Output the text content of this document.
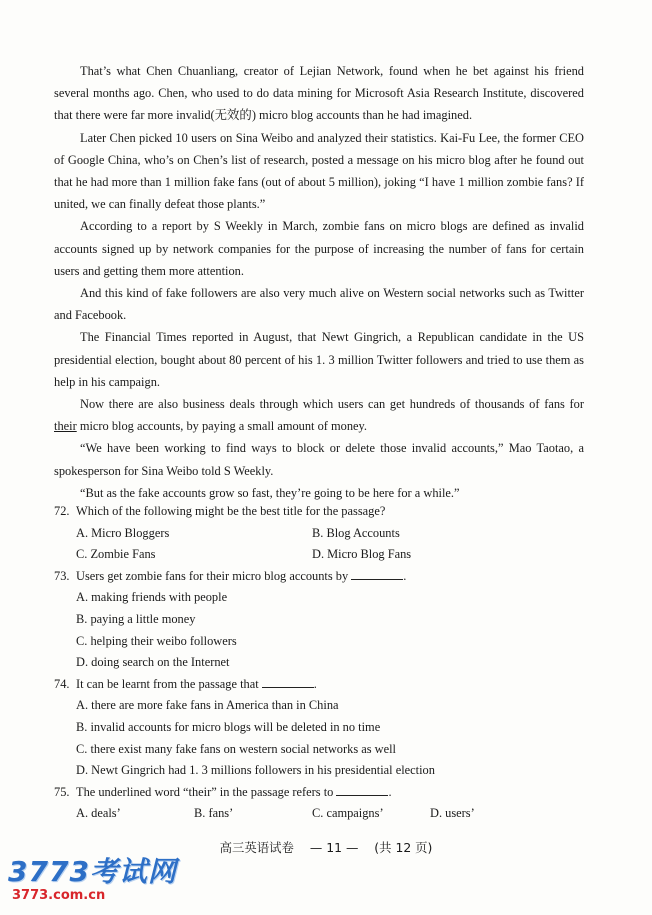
That’s what Chen Chuanliang, creator of Lejian Network, found when he bet against his friend several months ago. Chen, who used to do data mining for Microsoft Asia Research Institute, discovered that there were far more invalid(无效的) micro blog accounts than he had imagined.

Later Chen picked 10 users on Sina Weibo and analyzed their statistics. Kai-Fu Lee, the former CEO of Google China, who’s on Chen’s list of research, posted a message on his micro blog after he found out that he had more than 1 million fake fans (out of about 5 million), joking “I have 1 million zombie fans? If united, we can finally defeat those plants.”

According to a report by S Weekly in March, zombie fans on micro blogs are defined as invalid accounts signed up by network companies for the purpose of increasing the number of fans for certain users and getting them more attention.

And this kind of fake followers are also very much alive on Western social networks such as Twitter and Facebook.

The Financial Times reported in August, that Newt Gingrich, a Republican candidate in the US presidential election, bought about 80 percent of his 1. 3 million Twitter followers and tried to use them as help in his campaign.

Now there are also business deals through which users can get hundreds of thousands of fans for their micro blog accounts, by paying a small amount of money.

“We have been working to find ways to block or delete those invalid accounts,” Mao Taotao, a spokesperson for Sina Weibo told S Weekly.

“But as the fake accounts grow so fast, they’re going to be here for a while.”

72. Which of the following might be the best title for the passage?
A. Micro Bloggers	B. Blog Accounts
C. Zombie Fans	D. Micro Blog Fans
73. Users get zombie fans for their micro blog accounts by	.
A. making friends with people
B. paying a little money
C. helping their weibo followers
D. doing search on the Internet
74. It can be learnt from the passage that	.
A. there are more fake fans in America than in China
B. invalid accounts for micro blogs will be deleted in no time
C. there exist many fake fans on western social networks as well
D. Newt Gingrich had 1. 3 millions followers in his presidential election
75. The underlined word “their” in the passage refers to	.
A. deals’	B. fans’	C. campaigns’	D. users’
高三英语试卷 — 11 — (共 12 页)
3773考试网
3773.com.cn
